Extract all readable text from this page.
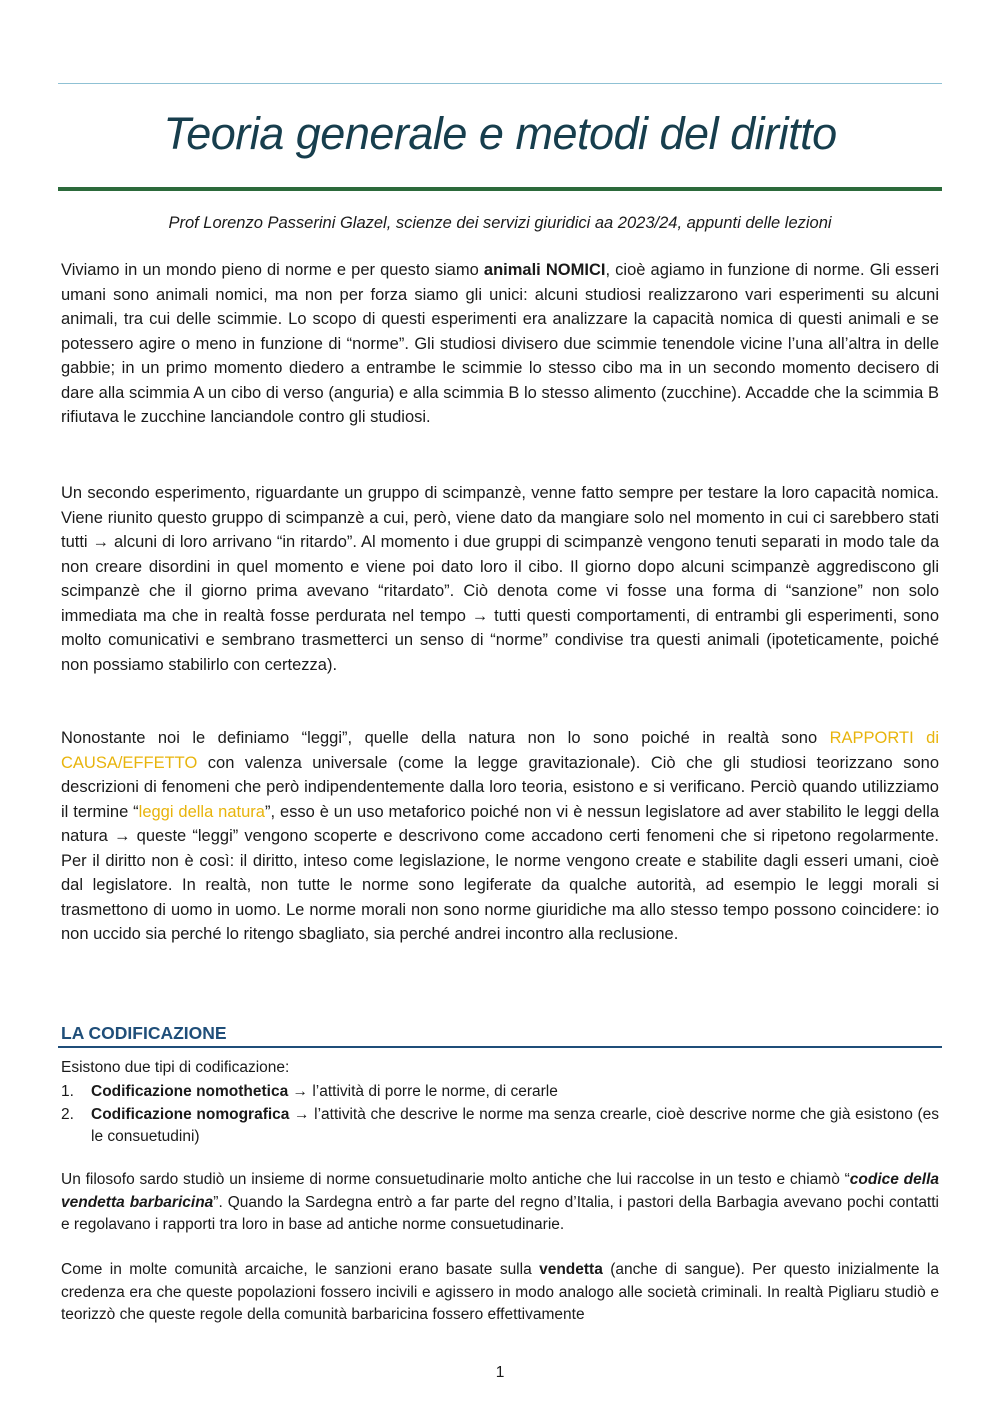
Teoria generale e metodi del diritto

Prof Lorenzo Passerini Glazel, scienze dei servizi giuridici aa 2023/24, appunti delle lezioni

Viviamo in un mondo pieno di norme e per questo siamo animali NOMICI, cioè agiamo in funzione di norme. Gli esseri umani sono animali nomici, ma non per forza siamo gli unici: alcuni studiosi realizzarono vari esperimenti su alcuni animali, tra cui delle scimmie. Lo scopo di questi esperimenti era analizzare la capacità nomica di questi animali e se potessero agire o meno in funzione di “norme”. Gli studiosi divisero due scimmie tenendole vicine l’una all’altra in delle gabbie; in un primo momento diedero a entrambe le scimmie lo stesso cibo ma in un secondo momento decisero di dare alla scimmia A un cibo di verso (anguria) e alla scimmia B lo stesso alimento (zucchine). Accadde che la scimmia B rifiutava le zucchine lanciandole contro gli studiosi.

Un secondo esperimento, riguardante un gruppo di scimpanzè, venne fatto sempre per testare la loro capacità nomica. Viene riunito questo gruppo di scimpanzè a cui, però, viene dato da mangiare solo nel momento in cui ci sarebbero stati tutti → alcuni di loro arrivano “in ritardo”. Al momento i due gruppi di scimpanzè vengono tenuti separati in modo tale da non creare disordini in quel momento e viene poi dato loro il cibo. Il giorno dopo alcuni scimpanzè aggrediscono gli scimpanzè che il giorno prima avevano “ritardato”. Ciò denota come vi fosse una forma di “sanzione” non solo immediata ma che in realtà fosse perdurata nel tempo → tutti questi comportamenti, di entrambi gli esperimenti, sono molto comunicativi e sembrano trasmetterci un senso di “norme” condivise tra questi animali (ipoteticamente, poiché non possiamo stabilirlo con certezza).

Nonostante noi le definiamo “leggi”, quelle della natura non lo sono poiché in realtà sono RAPPORTI di CAUSA/EFFETTO con valenza universale (come la legge gravitazionale). Ciò che gli studiosi teorizzano sono descrizioni di fenomeni che però indipendentemente dalla loro teoria, esistono e si verificano. Perciò quando utilizziamo il termine “leggi della natura”, esso è un uso metaforico poiché non vi è nessun legislatore ad aver stabilito le leggi della natura → queste “leggi” vengono scoperte e descrivono come accadono certi fenomeni che si ripetono regolarmente. Per il diritto non è così: il diritto, inteso come legislazione, le norme vengono create e stabilite dagli esseri umani, cioè dal legislatore. In realtà, non tutte le norme sono legiferate da qualche autorità, ad esempio le leggi morali si trasmettono di uomo in uomo. Le norme morali non sono norme giuridiche ma allo stesso tempo possono coincidere: io non uccido sia perché lo ritengo sbagliato, sia perché andrei incontro alla reclusione.

LA CODIFICAZIONE

Esistono due tipi di codificazione:

1. Codificazione nomothetica → l’attività di porre le norme, di cerarle
2. Codificazione nomografica → l’attività che descrive le norme ma senza crearle, cioè descrive norme che già esistono (es le consuetudini)

Un filosofo sardo studiò un insieme di norme consuetudinarie molto antiche che lui raccolse in un testo e chiamò “codice della vendetta barbaricina”. Quando la Sardegna entrò a far parte del regno d’Italia, i pastori della Barbagia avevano pochi contatti e regolavano i rapporti tra loro in base ad antiche norme consuetudinarie.

Come in molte comunità arcaiche, le sanzioni erano basate sulla vendetta (anche di sangue). Per questo inizialmente la credenza era che queste popolazioni fossero incivili e agissero in modo analogo alle società criminali. In realtà Pigliaru studiò e teorizzò che queste regole della comunità barbaricina fossero effettivamente

1
